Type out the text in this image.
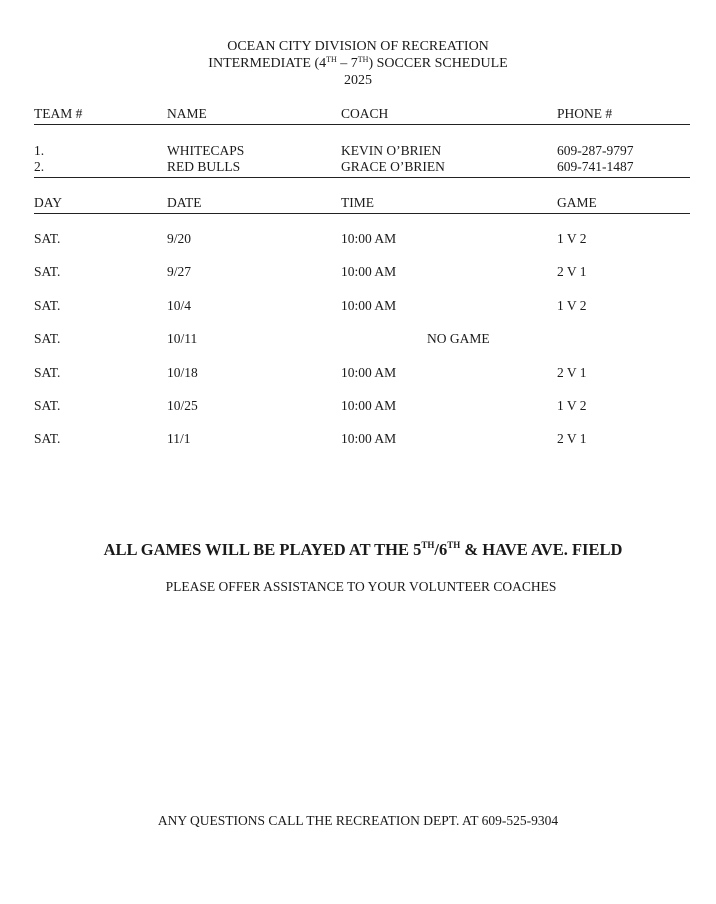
OCEAN CITY DIVISION OF RECREATION
INTERMEDIATE (4TH – 7TH) SOCCER SCHEDULE
2025
TEAM #	NAME	COACH	PHONE #
1.	WHITECAPS	KEVIN O’BRIEN	609-287-9797
2.	RED BULLS	GRACE O’BRIEN	609-741-1487
DAY	DATE	TIME	GAME
SAT.	9/20	10:00 AM	1 V 2
SAT.	9/27	10:00 AM	2 V 1
SAT.	10/4	10:00 AM	1 V 2
SAT.	10/11	NO GAME
SAT.	10/18	10:00 AM	2 V 1
SAT.	10/25	10:00 AM	1 V 2
SAT.	11/1	10:00 AM	2 V 1
ALL GAMES WILL BE PLAYED AT THE 5TH/6TH & HAVE AVE. FIELD
PLEASE OFFER ASSISTANCE TO YOUR VOLUNTEER COACHES
ANY QUESTIONS CALL THE RECREATION DEPT. AT 609-525-9304
